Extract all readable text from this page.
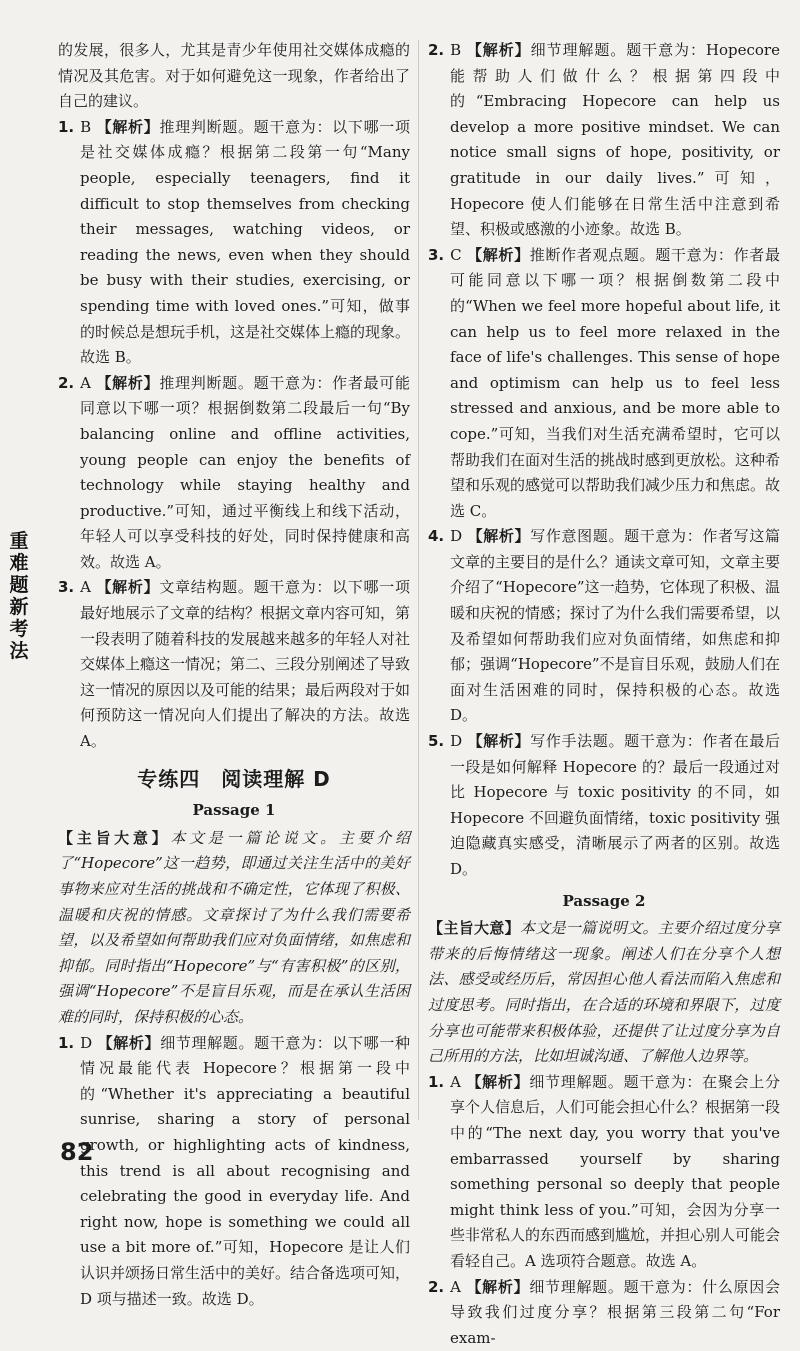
重难题新考法

的发展，很多人，尤其是青少年使用社交媒体成瘾的情况及其危害。对于如何避免这一现象，作者给出了自己的建议。

1. B 【解析】推理判断题。题干意为：以下哪一项是社交媒体成瘾？根据第二段第一句“Many people, especially teenagers, find it difficult to stop themselves from checking their messages, watching videos, or reading the news, even when they should be busy with their studies, exercising, or spending time with loved ones.”可知，做事的时候总是想玩手机，这是社交媒体上瘾的现象。故选 B。

2. A 【解析】推理判断题。题干意为：作者最可能同意以下哪一项？根据倒数第二段最后一句“By balancing online and offline activities, young people can enjoy the benefits of technology while staying healthy and productive.”可知，通过平衡线上和线下活动，年轻人可以享受科技的好处，同时保持健康和高效。故选 A。

3. A 【解析】文章结构题。题干意为：以下哪一项最好地展示了文章的结构？根据文章内容可知，第一段表明了随着科技的发展越来越多的年轻人对社交媒体上瘾这一情况；第二、三段分别阐述了导致这一情况的原因以及可能的结果；最后两段对于如何预防这一情况向人们提出了解决的方法。故选 A。

专练四　阅读理解 D
Passage 1

【主旨大意】本文是一篇论说文。主要介绍了“Hopecore”这一趋势，即通过关注生活中的美好事物来应对生活的挑战和不确定性，它体现了积极、温暖和庆祝的情感。文章探讨了为什么我们需要希望，以及希望如何帮助我们应对负面情绪，如焦虑和抑郁。同时指出“Hopecore”与“有害积极”的区别，强调“Hopecore”不是盲目乐观，而是在承认生活困难的同时，保持积极的心态。

1. D 【解析】细节理解题。题干意为：以下哪一种情况最能代表 Hopecore？根据第一段中的“Whether it's appreciating a beautiful sunrise, sharing a story of personal growth, or highlighting acts of kindness, this trend is all about recognising and celebrating the good in everyday life. And right now, hope is something we could all use a bit more of.”可知，Hopecore 是让人们认识并颂扬日常生活中的美好。结合备选项可知，D 项与描述一致。故选 D。

2. B 【解析】细节理解题。题干意为：Hopecore 能帮助人们做什么？根据第四段中的“Embracing Hopecore can help us develop a more positive mindset. We can notice small signs of hope, positivity, or gratitude in our daily lives.”可知，Hopecore 使人们能够在日常生活中注意到希望、积极或感激的小迹象。故选 B。

3. C 【解析】推断作者观点题。题干意为：作者最可能同意以下哪一项？根据倒数第二段中的“When we feel more hopeful about life, it can help us to feel more relaxed in the face of life's challenges. This sense of hope and optimism can help us to feel less stressed and anxious, and be more able to cope.”可知，当我们对生活充满希望时，它可以帮助我们在面对生活的挑战时感到更放松。这种希望和乐观的感觉可以帮助我们减少压力和焦虑。故选 C。

4. D 【解析】写作意图题。题干意为：作者写这篇文章的主要目的是什么？通读文章可知，文章主要介绍了“Hopecore”这一趋势，它体现了积极、温暖和庆祝的情感；探讨了为什么我们需要希望，以及希望如何帮助我们应对负面情绪，如焦虑和抑郁；强调“Hopecore”不是盲目乐观，鼓励人们在面对生活困难的同时，保持积极的心态。故选 D。

5. D 【解析】写作手法题。题干意为：作者在最后一段是如何解释 Hopecore 的？最后一段通过对比 Hopecore 与 toxic positivity 的不同，如 Hopecore 不回避负面情绪，toxic positivity 强迫隐藏真实感受，清晰展示了两者的区别。故选 D。

Passage 2

【主旨大意】本文是一篇说明文。主要介绍过度分享带来的后悔情绪这一现象。阐述人们在分享个人想法、感受或经历后，常因担心他人看法而陷入焦虑和过度思考。同时指出，在合适的环境和界限下，过度分享也可能带来积极体验，还提供了让过度分享为自己所用的方法，比如坦诚沟通、了解他人边界等。

1. A 【解析】细节理解题。题干意为：在聚会上分享个人信息后，人们可能会担心什么？根据第一段中的“The next day, you worry that you've embarrassed yourself by sharing something personal so deeply that people might think less of you.”可知，会因为分享一些非常私人的东西而感到尴尬，并担心别人可能会看轻自己。A 选项符合题意。故选 A。

2. A 【解析】细节理解题。题干意为：什么原因会导致我们过度分享？根据第三段第二句“For exam-

82
